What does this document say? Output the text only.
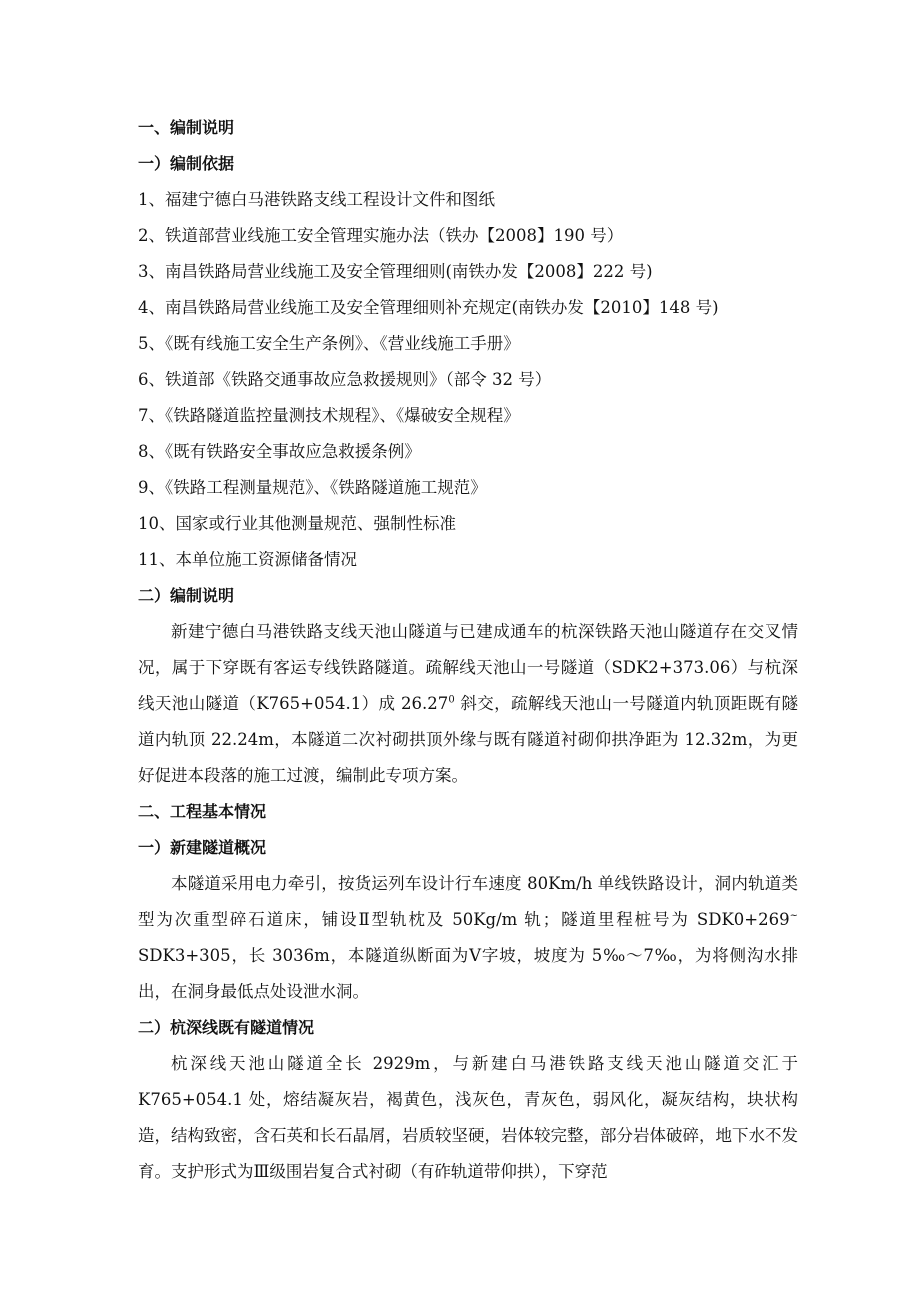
一、编制说明
一）编制依据
1、福建宁德白马港铁路支线工程设计文件和图纸
2、铁道部营业线施工安全管理实施办法（铁办【2008】190 号）
3、南昌铁路局营业线施工及安全管理细则(南铁办发【2008】222 号)
4、南昌铁路局营业线施工及安全管理细则补充规定(南铁办发【2010】148 号)
5、《既有线施工安全生产条例》、《营业线施工手册》
6、铁道部《铁路交通事故应急救援规则》（部令 32 号）
7、《铁路隧道监控量测技术规程》、《爆破安全规程》
8、《既有铁路安全事故应急救援条例》
9、《铁路工程测量规范》、《铁路隧道施工规范》
10、国家或行业其他测量规范、强制性标准
11、本单位施工资源储备情况
二）编制说明

新建宁德白马港铁路支线天池山隧道与已建成通车的杭深铁路天池山隧道存在交叉情况，属于下穿既有客运专线铁路隧道。疏解线天池山一号隧道（SDK2+373.06）与杭深线天池山隧道（K765+054.1）成 26.27$^0$ 斜交，疏解线天池山一号隧道内轨顶距既有隧道内轨顶 22.24m，本隧道二次衬砌拱顶外缘与既有隧道衬砌仰拱净距为 12.32m，为更好促进本段落的施工过渡，编制此专项方案。

二、工程基本情况
一）新建隧道概况

本隧道采用电力牵引，按货运列车设计行车速度 80Km/h 单线铁路设计，洞内轨道类型为次重型碎石道床，铺设Ⅱ型轨枕及 50Kg/m 轨；隧道里程桩号为 SDK0+269~ SDK3+305，长 3036m，本隧道纵断面为Ⅴ字坡，坡度为 5‰～7‰，为将侧沟水排出，在洞身最低点处设泄水洞。

二）杭深线既有隧道情况

杭深线天池山隧道全长 2929m，与新建白马港铁路支线天池山隧道交汇于 K765+054.1 处，熔结凝灰岩，褐黄色，浅灰色，青灰色，弱风化，凝灰结构，块状构造，结构致密，含石英和长石晶屑，岩质较坚硬，岩体较完整，部分岩体破碎，地下水不发育。支护形式为Ⅲ级围岩复合式衬砌（有砟轨道带仰拱），下穿范
